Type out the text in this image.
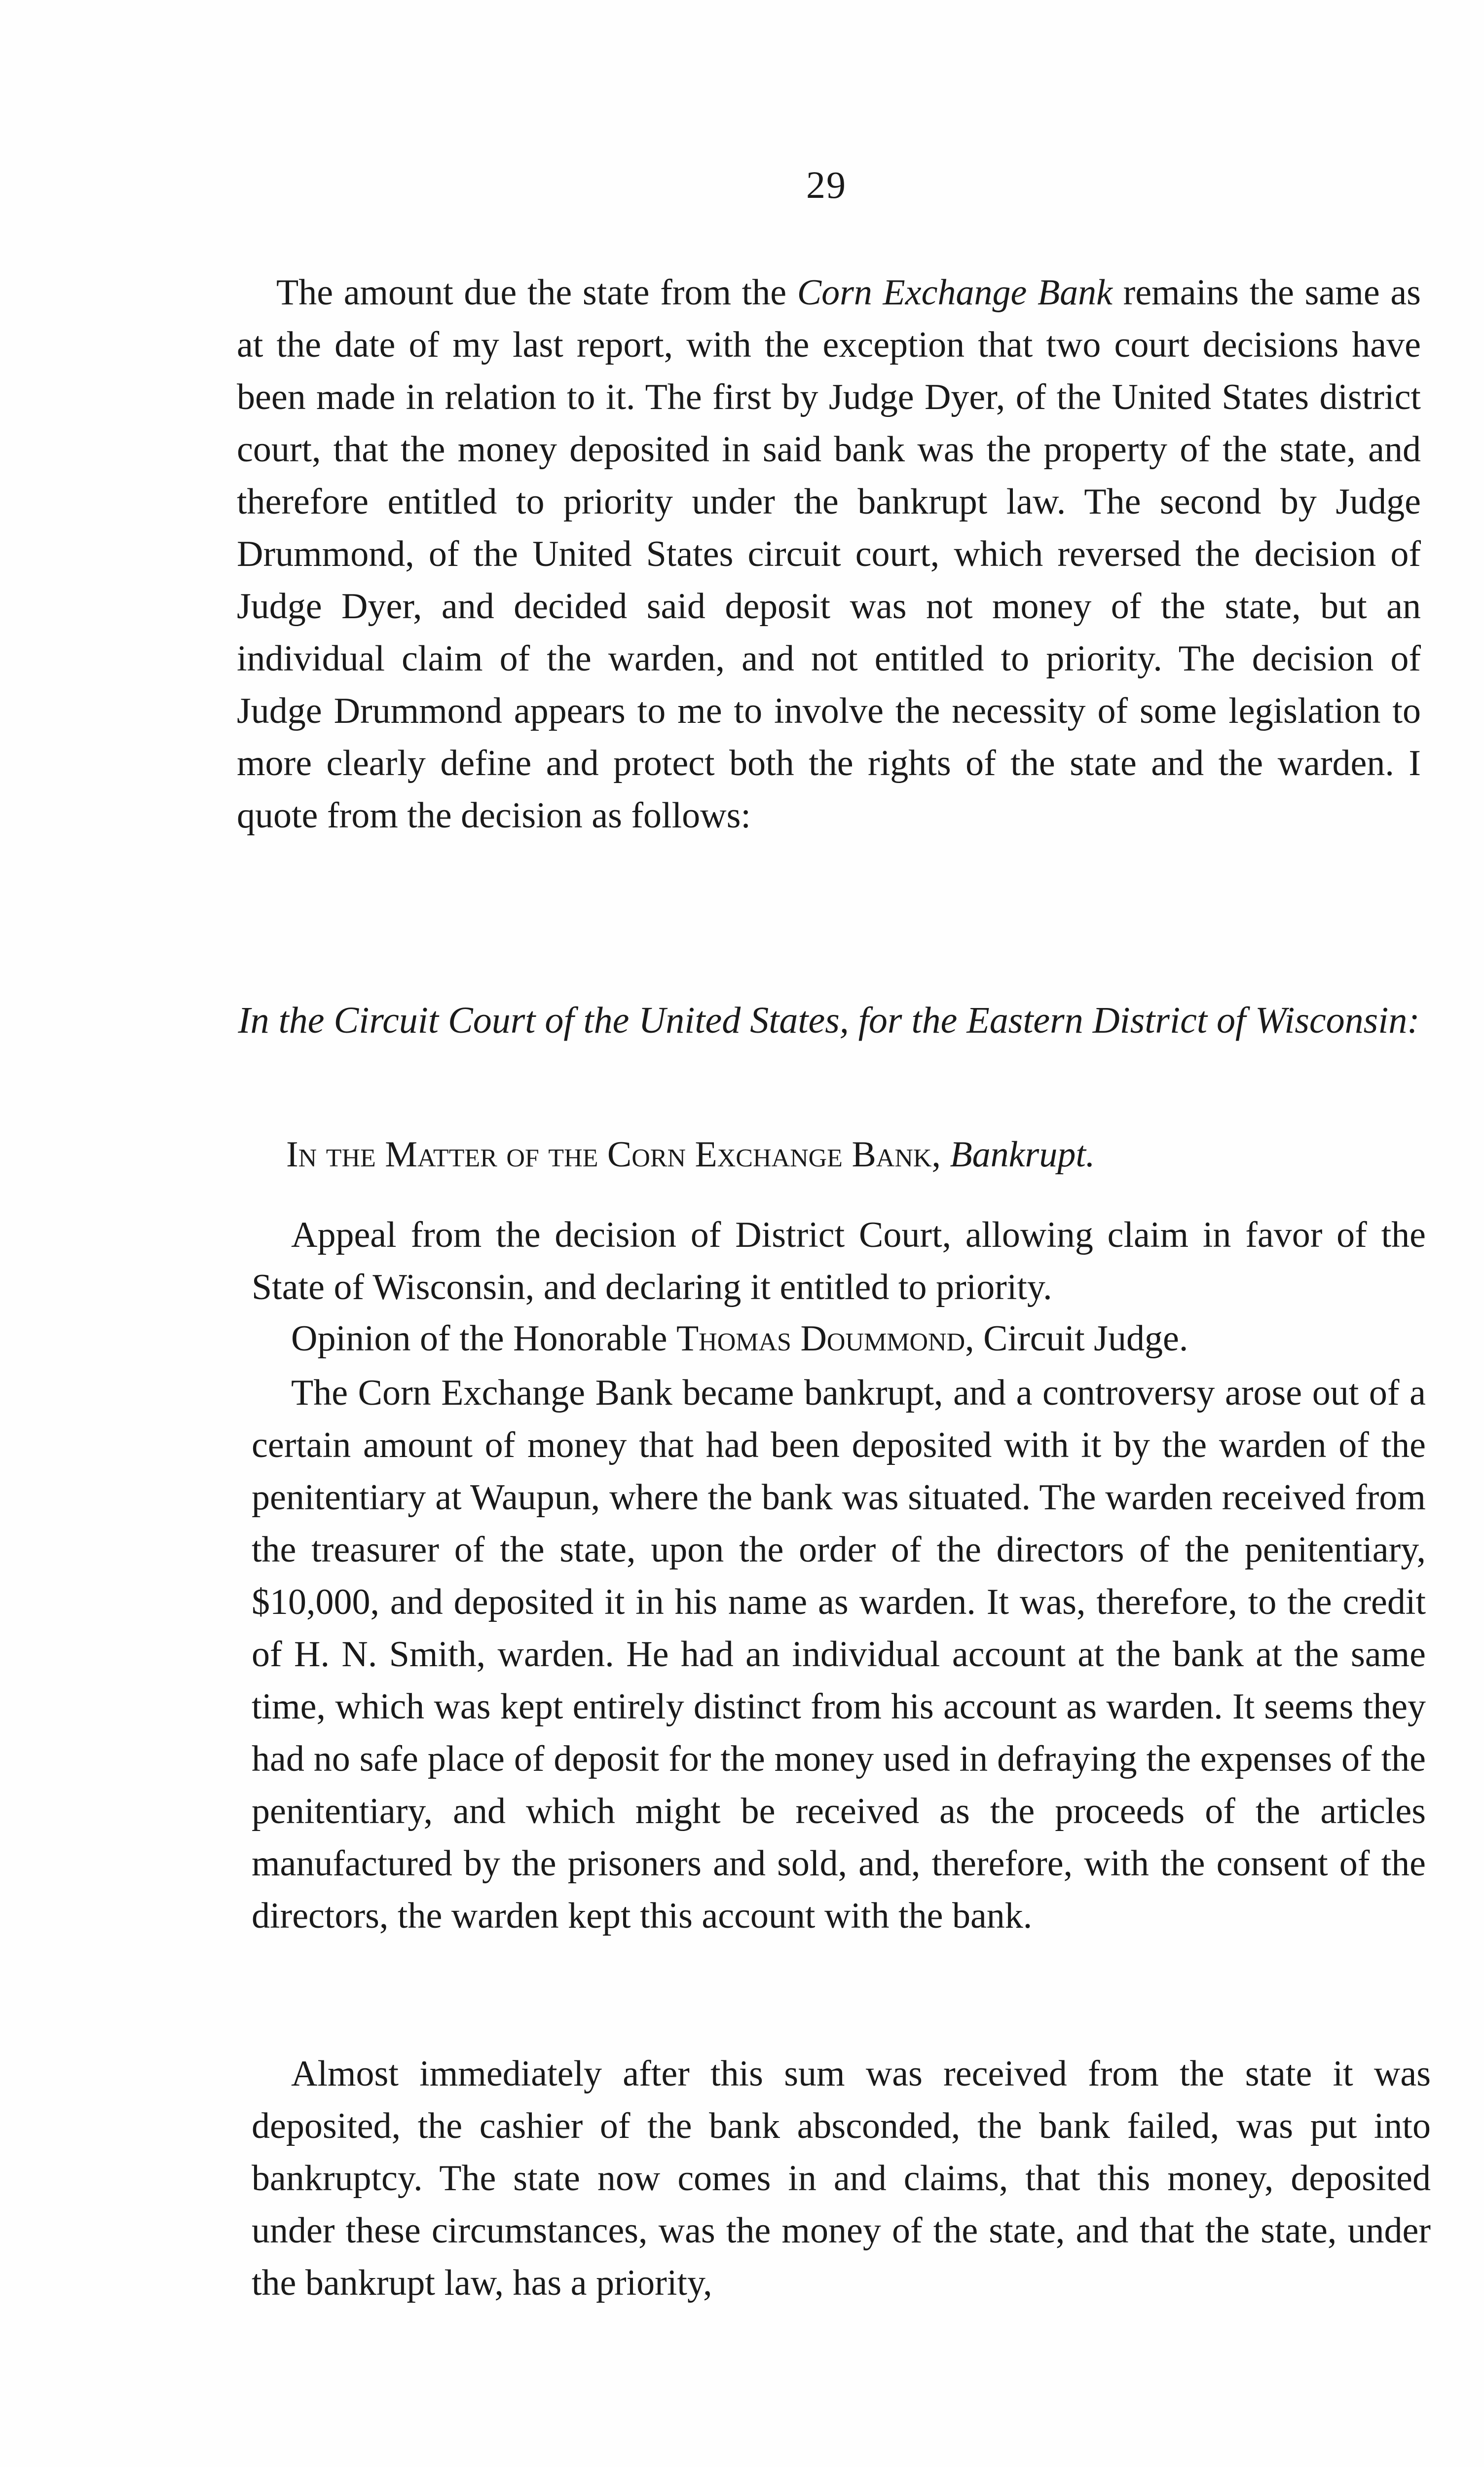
29
The amount due the state from the Corn Exchange Bank remains the same as at the date of my last report, with the exception that two court decisions have been made in relation to it. The first by Judge Dyer, of the United States district court, that the money deposited in said bank was the property of the state, and therefore entitled to priority under the bankrupt law. The second by Judge Drummond, of the United States circuit court, which reversed the decision of Judge Dyer, and decided said deposit was not money of the state, but an individual claim of the warden, and not entitled to priority. The decision of Judge Drummond appears to me to involve the necessity of some legislation to more clearly define and protect both the rights of the state and the warden. I quote from the decision as follows:
In the Circuit Court of the United States, for the Eastern District of Wisconsin:
In the Matter of the Corn Exchange Bank, Bankrupt.
Appeal from the decision of District Court, allowing claim in favor of the State of Wisconsin, and declaring it entitled to priority.
Opinion of the Honorable Thomas Doummond, Circuit Judge.
The Corn Exchange Bank became bankrupt, and a controversy arose out of a certain amount of money that had been deposited with it by the warden of the penitentiary at Waupun, where the bank was situated. The warden received from the treasurer of the state, upon the order of the directors of the penitentiary, $10,000, and deposited it in his name as warden. It was, therefore, to the credit of H. N. Smith, warden. He had an individual account at the bank at the same time, which was kept entirely distinct from his account as warden. It seems they had no safe place of deposit for the money used in defraying the expenses of the penitentiary, and which might be received as the proceeds of the articles manufactured by the prisoners and sold, and, therefore, with the consent of the directors, the warden kept this account with the bank.
Almost immediately after this sum was received from the state it was deposited, the cashier of the bank absconded, the bank failed, was put into bankruptcy. The state now comes in and claims, that this money, deposited under these circumstances, was the money of the state, and that the state, under the bankrupt law, has a priority,
